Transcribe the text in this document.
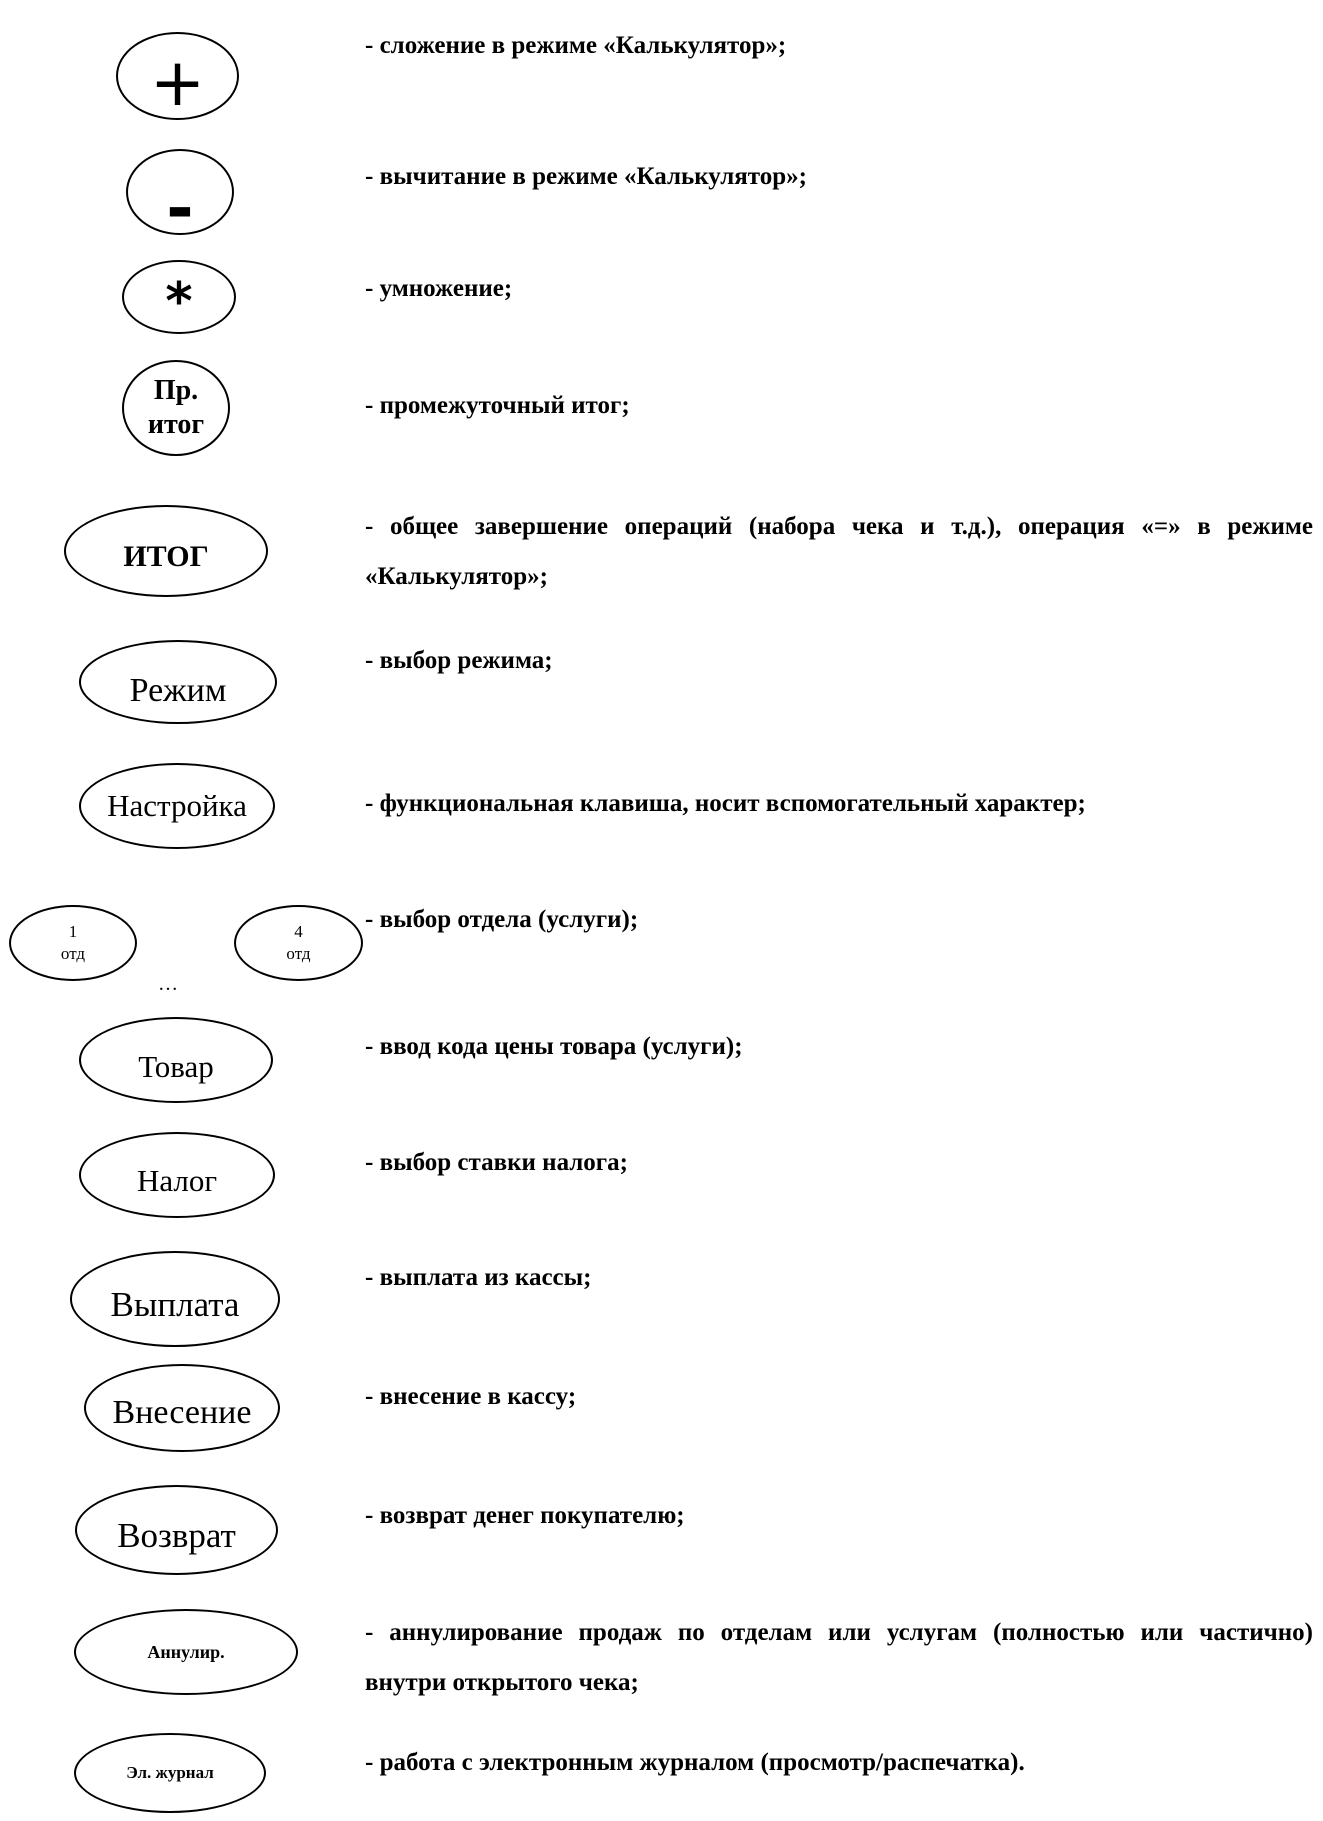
+
-
*
Пр.
итог
ИТОГ
Режим
Настройка
1
отд
…
4
отд
Товар
Налог
Выплата
Внесение
Возврат
Аннулир.
Эл. журнал
- сложение в режиме «Калькулятор»;
- вычитание в режиме «Калькулятор»;
- умножение;
- промежуточный итог;
- общее завершение операций (набора чека и т.д.), операция «=» в режиме «Калькулятор»;
- выбор режима;
- функциональная клавиша, носит вспомогательный характер;
- выбор отдела (услуги);
- ввод кода цены товара (услуги);
- выбор ставки налога;
- выплата из кассы;
- внесение в кассу;
- возврат денег покупателю;
- аннулирование продаж по отделам или услугам (полностью или частично) внутри открытого чека;
- работа с электронным журналом (просмотр/распечатка).
